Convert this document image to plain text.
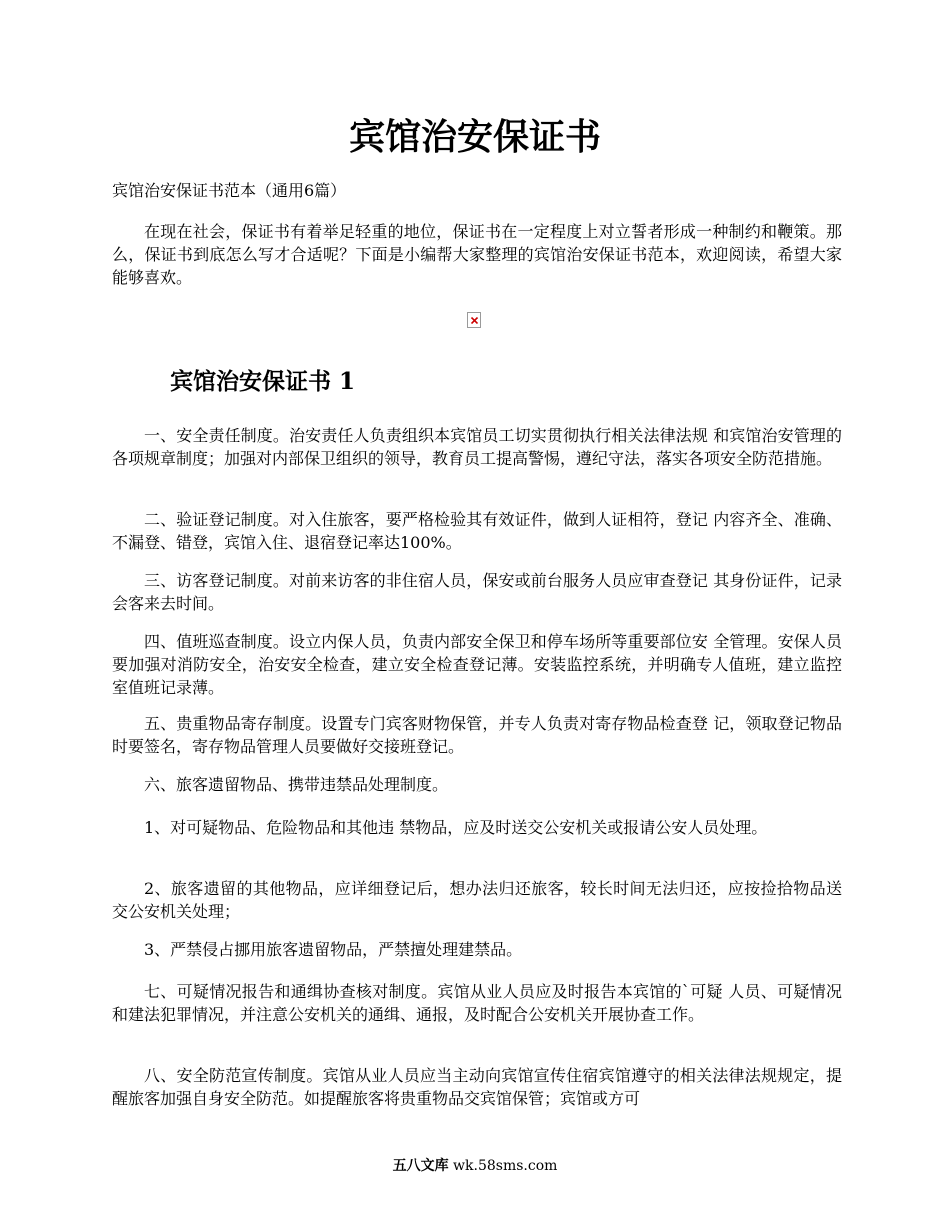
宾馆治安保证书

宾馆治安保证书范本（通用6篇）

在现在社会，保证书有着举足轻重的地位，保证书在一定程度上对立誓者形成一种制约和鞭策。那么，保证书到底怎么写才合适呢？下面是小编帮大家整理的宾馆治安保证书范本，欢迎阅读，希望大家能够喜欢。

宾馆治安保证书 1

一、安全责任制度。治安责任人负责组织本宾馆员工切实贯彻执行相关法律法规 和宾馆治安管理的各项规章制度；加强对内部保卫组织的领导，教育员工提高警惕，遵纪守法，落实各项安全防范措施。

二、验证登记制度。对入住旅客，要严格检验其有效证件，做到人证相符，登记 内容齐全、准确、不漏登、错登，宾馆入住、退宿登记率达100%。

三、访客登记制度。对前来访客的非住宿人员，保安或前台服务人员应审查登记 其身份证件，记录会客来去时间。

四、值班巡查制度。设立内保人员，负责内部安全保卫和停车场所等重要部位安 全管理。安保人员要加强对消防安全，治安安全检查，建立安全检查登记薄。安装监控系统，并明确专人值班，建立监控室值班记录薄。

五、贵重物品寄存制度。设置专门宾客财物保管，并专人负责对寄存物品检查登 记，领取登记物品时要签名，寄存物品管理人员要做好交接班登记。

六、旅客遗留物品、携带违禁品处理制度。

1、对可疑物品、危险物品和其他违 禁物品，应及时送交公安机关或报请公安人员处理。

2、旅客遗留的其他物品，应详细登记后，想办法归还旅客，较长时间无法归还，应按捡拾物品送交公安机关处理；

3、严禁侵占挪用旅客遗留物品，严禁擅处理建禁品。

七、可疑情况报告和通缉协查核对制度。宾馆从业人员应及时报告本宾馆的`可疑 人员、可疑情况和建法犯罪情况，并注意公安机关的通缉、通报，及时配合公安机关开展协查工作。

八、安全防范宣传制度。宾馆从业人员应当主动向宾馆宣传住宿宾馆遵守的相关法律法规规定，提醒旅客加强自身安全防范。如提醒旅客将贵重物品交宾馆保管；宾馆或方可

五八文库 wk.58sms.com
